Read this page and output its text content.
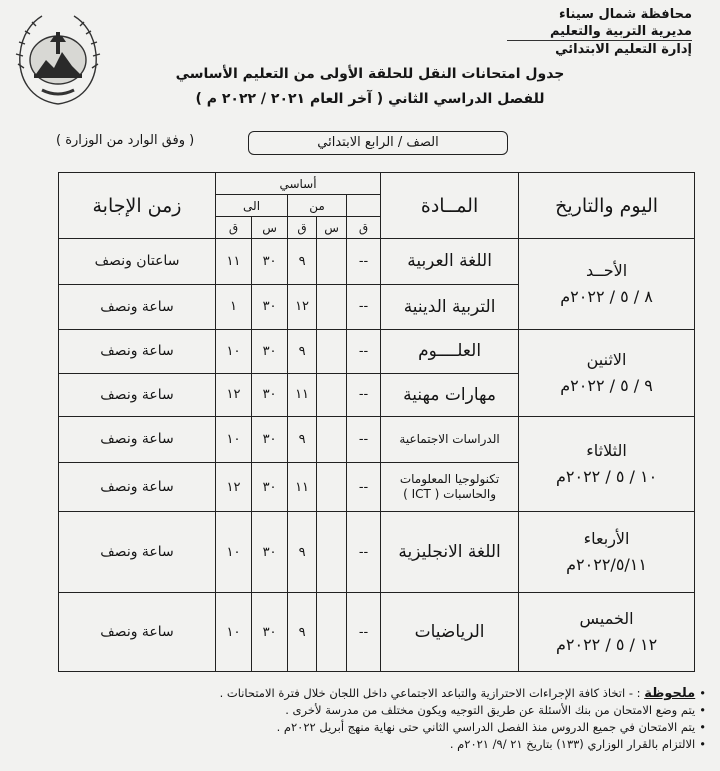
محافظة شمال سيناء
مديرية التربية والتعليم
إدارة التعليم الابتدائي
جدول امتحانات النقل للحلقة الأولى من التعليم الأساسي
للفصل الدراسي الثاني ( آخر العام ٢٠٢١ / ٢٠٢٢ م )
الصف / الرابع الابتدائي
( وفق الوارد من الوزارة )
اليوم والتاريخ	المــادة	أساسي					زمن الإجابة
			من		الى		
		ق	س	ق	س	ق	

الأحــد
٨ / ٥ / ٢٠٢٢م	اللغة العربية	--		٩	٣٠	١١	ساعتان ونصف
	التربية الدينية	--		١٢	٣٠	١	ساعة ونصف

الاثنين
٩ / ٥ / ٢٠٢٢م	العلــــوم	--		٩	٣٠	١٠	ساعة ونصف
	مهارات مهنية	--		١١	٣٠	١٢	ساعة ونصف

الثلاثاء
١٠ / ٥ / ٢٠٢٢م	الدراسات الاجتماعية	--		٩	٣٠	١٠	ساعة ونصف
	تكنولوجيا المعلومات والحاسبات ( ICT )	--		١١	٣٠	١٢	ساعة ونصف

الأربعاء
٢٠٢٢/٥/١١م	اللغة الانجليزية	--		٩	٣٠	١٠	ساعة ونصف

الخميس
١٢ / ٥ / ٢٠٢٢م	الرياضيات	--		٩	٣٠	١٠	ساعة ونصف
•ملحوظة : - اتخاذ كافة الإجراءات الاحترازية والتباعد الاجتماعي داخل اللجان خلال فترة الامتحانات .
•يتم وضع الامتحان من بنك الأسئلة عن طريق التوجيه ويكون مختلف من مدرسة لأخرى .
•يتم الامتحان في جميع الدروس منذ الفصل الدراسي الثاني حتى نهاية منهج أبريل ٢٠٢٢م .
•الالتزام بالقرار الوزاري (١٣٣) بتاريخ ٢١ /٩/ ٢٠٢١م .
